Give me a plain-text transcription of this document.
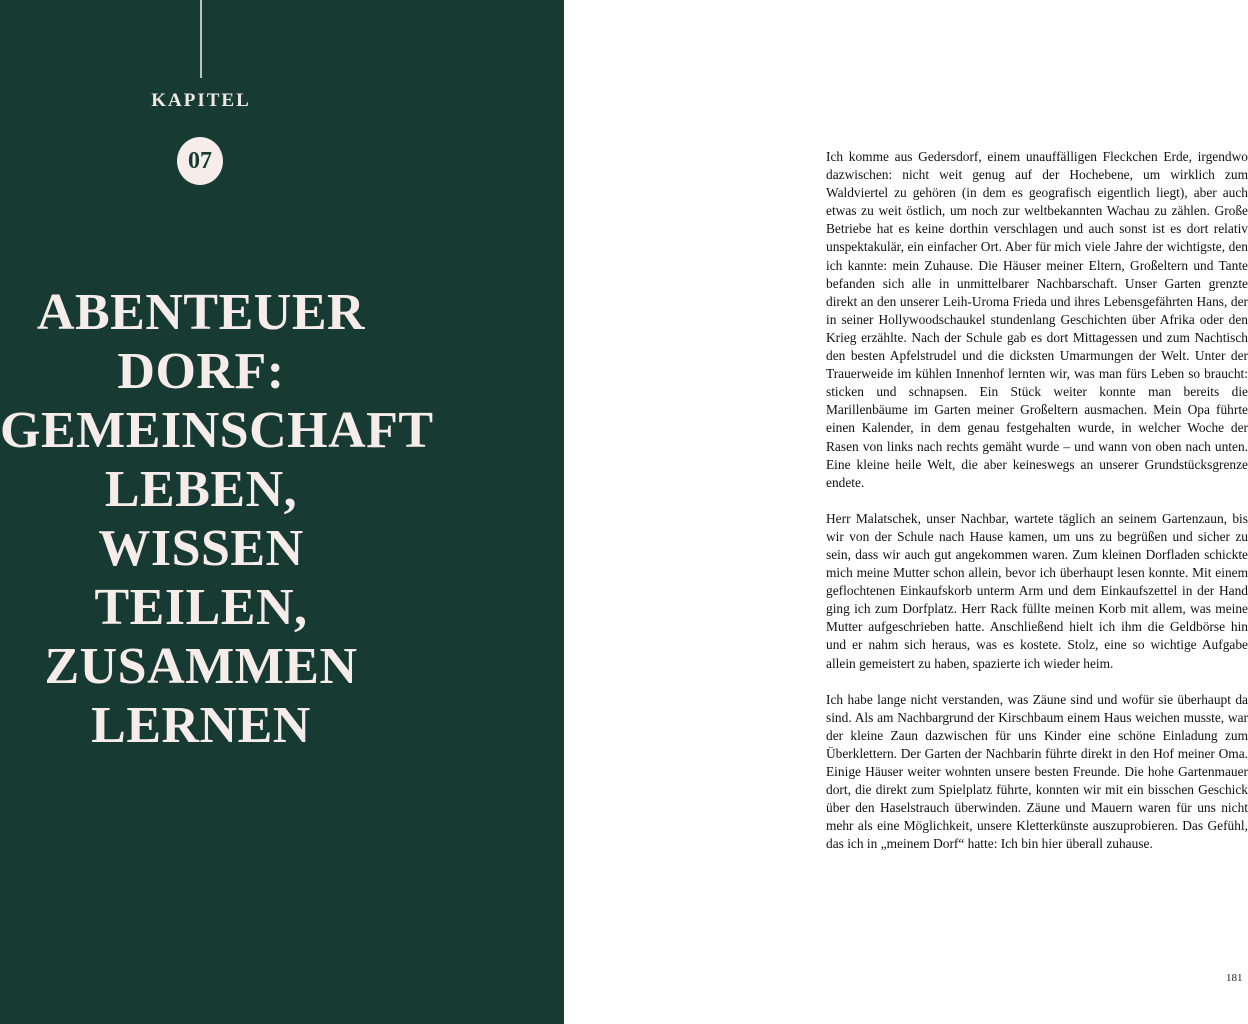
KAPITEL
07
ABENTEUER
DORF:
GEMEINSCHAFT
LEBEN,
WISSEN
TEILEN,
ZUSAMMEN
LERNEN

Ich komme aus Gedersdorf, einem unauffälligen Fleckchen Erde, irgendwo dazwischen: nicht weit genug auf der Hochebene, um wirklich zum Waldviertel zu gehören (in dem es geografisch eigentlich liegt), aber auch etwas zu weit östlich, um noch zur weltbekannten Wachau zu zählen. Große Betriebe hat es keine dorthin verschlagen und auch sonst ist es dort relativ unspektakulär, ein einfacher Ort. Aber für mich viele Jahre der wichtigste, den ich kannte: mein Zuhause. Die Häuser meiner Eltern, Großeltern und Tante befanden sich alle in unmittelbarer Nachbarschaft. Unser Garten grenzte direkt an den unserer Leih-Uroma Frieda und ihres Lebensgefährten Hans, der in seiner Hollywoodschaukel stundenlang Geschichten über Afrika oder den Krieg erzählte. Nach der Schule gab es dort Mittagessen und zum Nachtisch den besten Apfelstrudel und die dicksten Umarmungen der Welt. Unter der Trauerweide im kühlen Innenhof lernten wir, was man fürs Leben so braucht: sticken und schnapsen. Ein Stück weiter konnte man bereits die Marillenbäume im Garten meiner Großeltern ausmachen. Mein Opa führte einen Kalender, in dem genau festgehalten wurde, in welcher Woche der Rasen von links nach rechts gemäht wurde – und wann von oben nach unten. Eine kleine heile Welt, die aber keineswegs an unserer Grundstücksgrenze endete.

Herr Malatschek, unser Nachbar, wartete täglich an seinem Gartenzaun, bis wir von der Schule nach Hause kamen, um uns zu begrüßen und sicher zu sein, dass wir auch gut angekommen waren. Zum kleinen Dorfladen schickte mich meine Mutter schon allein, bevor ich überhaupt lesen konnte. Mit einem geflochtenen Einkaufskorb unterm Arm und dem Einkaufszettel in der Hand ging ich zum Dorfplatz. Herr Rack füllte meinen Korb mit allem, was meine Mutter aufgeschrieben hatte. Anschließend hielt ich ihm die Geldbörse hin und er nahm sich heraus, was es kostete. Stolz, eine so wichtige Aufgabe allein gemeistert zu haben, spazierte ich wieder heim.

Ich habe lange nicht verstanden, was Zäune sind und wofür sie überhaupt da sind. Als am Nachbargrund der Kirschbaum einem Haus weichen musste, war der kleine Zaun dazwischen für uns Kinder eine schöne Einladung zum Überklettern. Der Garten der Nachbarin führte direkt in den Hof meiner Oma. Einige Häuser weiter wohnten unsere besten Freunde. Die hohe Gartenmauer dort, die direkt zum Spielplatz führte, konnten wir mit ein bisschen Geschick über den Haselstrauch überwinden. Zäune und Mauern waren für uns nicht mehr als eine Möglichkeit, unsere Kletterkünste auszuprobieren. Das Gefühl, das ich in „meinem Dorf“ hatte: Ich bin hier überall zuhause.

181
